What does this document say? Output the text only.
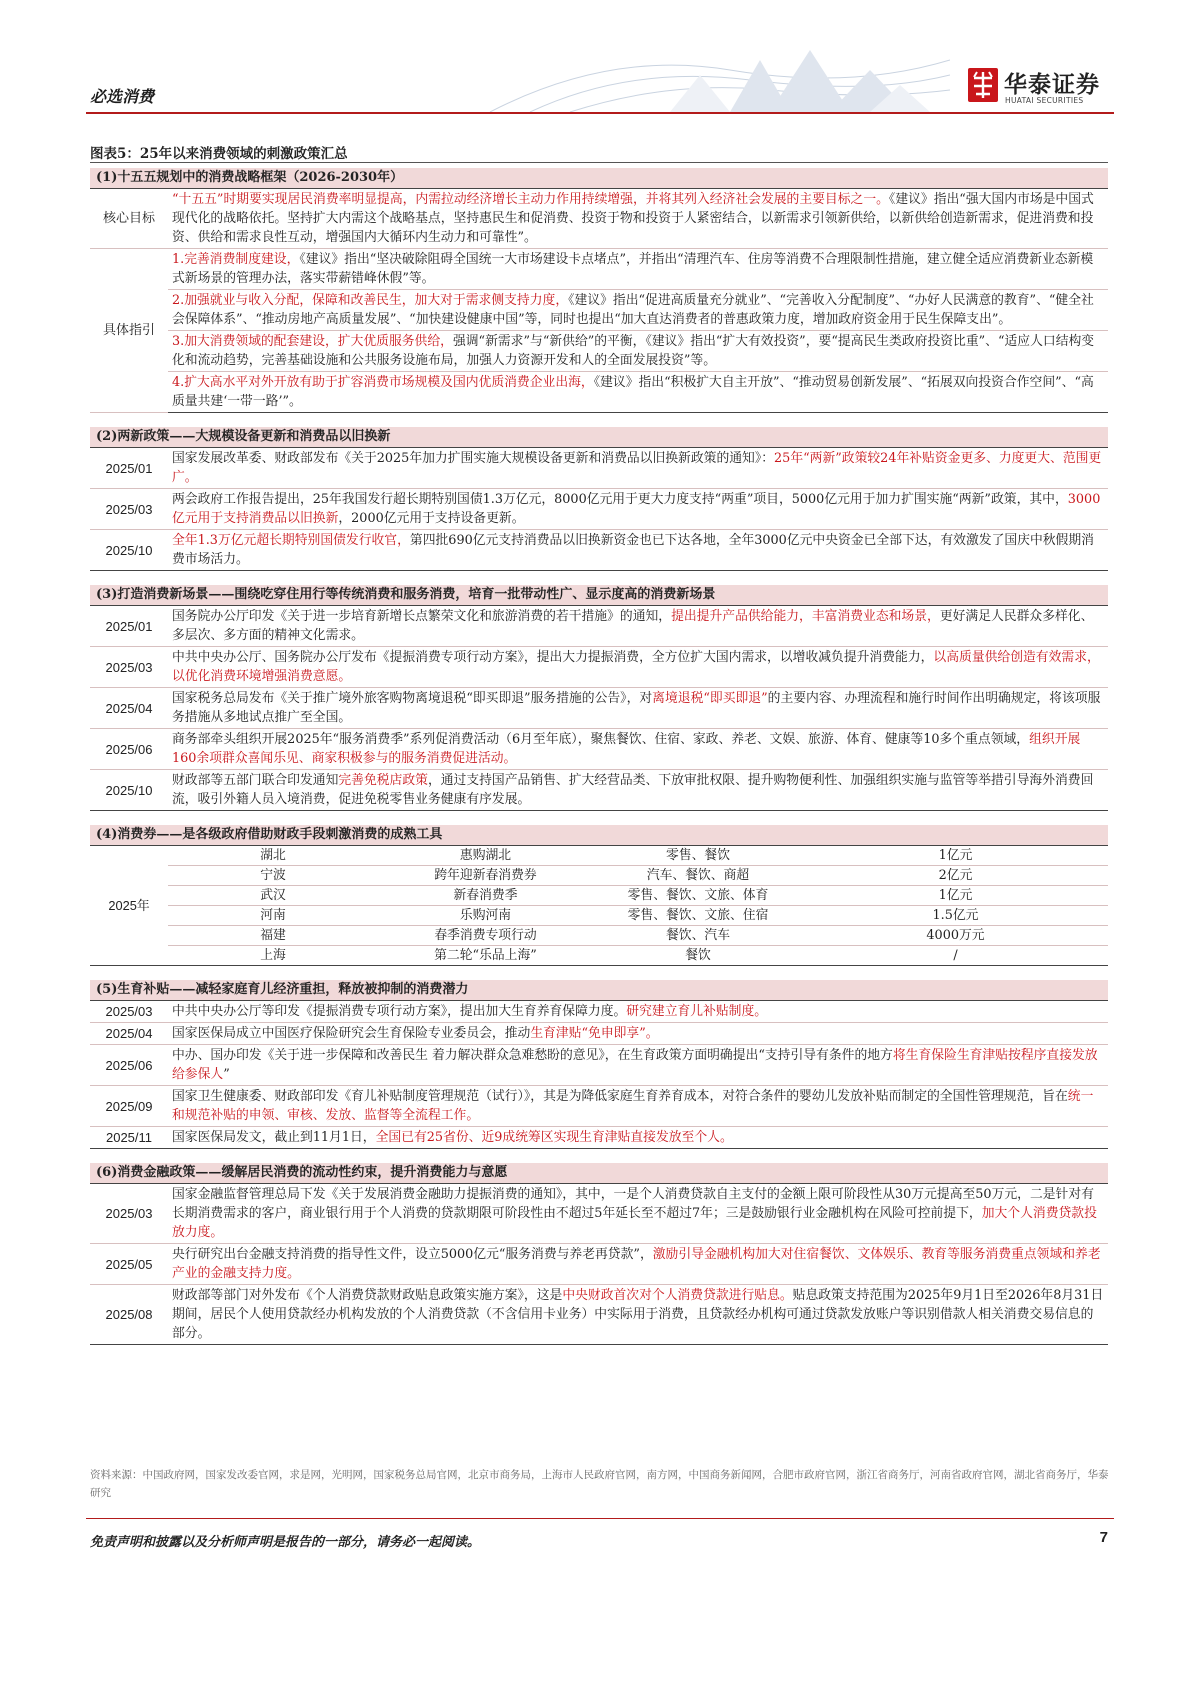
必选消费	华泰证券
HUATAI SECURITIES
图表5：25年以来消费领域的刺激政策汇总
(1)十五五规划中的消费战略框架（2026-2030年）
核心目标	“十五五”时期要实现居民消费率明显提高，内需拉动经济增长主动力作用持续增强，并将其列入经济社会发展的主要目标之一。《建议》指出“强大国内市场是中国式现代化的战略依托。坚持扩大内需这个战略基点，坚持惠民生和促消费、投资于物和投资于人紧密结合，以新需求引领新供给，以新供给创造新需求，促进消费和投资、供给和需求良性互动，增强国内大循环内生动力和可靠性”。
具体指引	1.完善消费制度建设，《建议》指出“坚决破除阻碍全国统一大市场建设卡点堵点”，并指出“清理汽车、住房等消费不合理限制性措施，建立健全适应消费新业态新模式新场景的管理办法，落实带薪错峰休假”等。
	2.加强就业与收入分配，保障和改善民生，加大对于需求侧支持力度，《建议》指出“促进高质量充分就业”、“完善收入分配制度”、“办好人民满意的教育”、“健全社会保障体系”、“推动房地产高质量发展”、“加快建设健康中国”等，同时也提出“加大直达消费者的普惠政策力度，增加政府资金用于民生保障支出”。
	3.加大消费领域的配套建设，扩大优质服务供给，强调“新需求”与“新供给”的平衡，《建议》指出“扩大有效投资”，要“提高民生类政府投资比重”、“适应人口结构变化和流动趋势，完善基础设施和公共服务设施布局，加强人力资源开发和人的全面发展投资”等。
	4.扩大高水平对外开放有助于扩容消费市场规模及国内优质消费企业出海，《建议》指出“积极扩大自主开放”、“推动贸易创新发展”、“拓展双向投资合作空间”、“高质量共建‘一带一路’”。
(2)两新政策——大规模设备更新和消费品以旧换新
2025/01	国家发展改革委、财政部发布《关于2025年加力扩围实施大规模设备更新和消费品以旧换新政策的通知》：25年“两新”政策较24年补贴资金更多、力度更大、范围更广。
2025/03	两会政府工作报告提出，25年我国发行超长期特别国债1.3万亿元，8000亿元用于更大力度支持“两重”项目，5000亿元用于加力扩围实施“两新”政策，其中，3000亿元用于支持消费品以旧换新，2000亿元用于支持设备更新。
2025/10	全年1.3万亿元超长期特别国债发行收官，第四批690亿元支持消费品以旧换新资金也已下达各地，全年3000亿元中央资金已全部下达，有效激发了国庆中秋假期消费市场活力。
(3)打造消费新场景——围绕吃穿住用行等传统消费和服务消费，培育一批带动性广、显示度高的消费新场景
2025/01	国务院办公厅印发《关于进一步培育新增长点繁荣文化和旅游消费的若干措施》的通知，提出提升产品供给能力，丰富消费业态和场景，更好满足人民群众多样化、多层次、多方面的精神文化需求。
2025/03	中共中央办公厅、国务院办公厅发布《提振消费专项行动方案》，提出大力提振消费，全方位扩大国内需求，以增收减负提升消费能力，以高质量供给创造有效需求，以优化消费环境增强消费意愿。
2025/04	国家税务总局发布《关于推广境外旅客购物离境退税“即买即退”服务措施的公告》，对离境退税“即买即退”的主要内容、办理流程和施行时间作出明确规定，将该项服务措施从多地试点推广至全国。
2025/06	商务部牵头组织开展2025年“服务消费季”系列促消费活动（6月至年底），聚焦餐饮、住宿、家政、养老、文娱、旅游、体育、健康等10多个重点领域，组织开展160余项群众喜闻乐见、商家积极参与的服务消费促进活动。
2025/10	财政部等五部门联合印发通知完善免税店政策，通过支持国产品销售、扩大经营品类、下放审批权限、提升购物便利性、加强组织实施与监管等举措引导海外消费回流，吸引外籍人员入境消费，促进免税零售业务健康有序发展。
(4)消费券——是各级政府借助财政手段刺激消费的成熟工具
2025年	湖北	惠购湖北	零售、餐饮	1亿元
	宁波	跨年迎新春消费券	汽车、餐饮、商超	2亿元
	武汉	新春消费季	零售、餐饮、文旅、体育	1亿元
	河南	乐购河南	零售、餐饮、文旅、住宿	1.5亿元
	福建	春季消费专项行动	餐饮、汽车	4000万元
	上海	第二轮“乐品上海”	餐饮	/
(5)生育补贴——减轻家庭育儿经济重担，释放被抑制的消费潜力
2025/03	中共中央办公厅等印发《提振消费专项行动方案》，提出加大生育养育保障力度。研究建立育儿补贴制度。
2025/04	国家医保局成立中国医疗保险研究会生育保险专业委员会，推动生育津贴“免申即享”。
2025/06	中办、国办印发《关于进一步保障和改善民生 着力解决群众急难愁盼的意见》，在生育政策方面明确提出“支持引导有条件的地方将生育保险生育津贴按程序直接发放给参保人”
2025/09	国家卫生健康委、财政部印发《育儿补贴制度管理规范（试行）》，其是为降低家庭生育养育成本，对符合条件的婴幼儿发放补贴而制定的全国性管理规范，旨在统一和规范补贴的申领、审核、发放、监督等全流程工作。
2025/11	国家医保局发文，截止到11月1日，全国已有25省份、近9成统筹区实现生育津贴直接发放至个人。
(6)消费金融政策——缓解居民消费的流动性约束，提升消费能力与意愿
2025/03	国家金融监督管理总局下发《关于发展消费金融助力提振消费的通知》，其中，一是个人消费贷款自主支付的金额上限可阶段性从30万元提高至50万元，二是针对有长期消费需求的客户，商业银行用于个人消费的贷款期限可阶段性由不超过5年延长至不超过7年；三是鼓励银行业金融机构在风险可控前提下，加大个人消费贷款投放力度。
2025/05	央行研究出台金融支持消费的指导性文件，设立5000亿元“服务消费与养老再贷款”，激励引导金融机构加大对住宿餐饮、文体娱乐、教育等服务消费重点领域和养老产业的金融支持力度。
2025/08	财政部等部门对外发布《个人消费贷款财政贴息政策实施方案》，这是中央财政首次对个人消费贷款进行贴息。贴息政策支持范围为2025年9月1日至2026年8月31日期间，居民个人使用贷款经办机构发放的个人消费贷款（不含信用卡业务）中实际用于消费，且贷款经办机构可通过贷款发放账户等识别借款人相关消费交易信息的部分。
资料来源：中国政府网，国家发改委官网，求是网，光明网，国家税务总局官网，北京市商务局，上海市人民政府官网，南方网，中国商务新闻网，合肥市政府官网，浙江省商务厅，河南省政府官网，湖北省商务厅，华泰研究
免责声明和披露以及分析师声明是报告的一部分，请务必一起阅读。	7
